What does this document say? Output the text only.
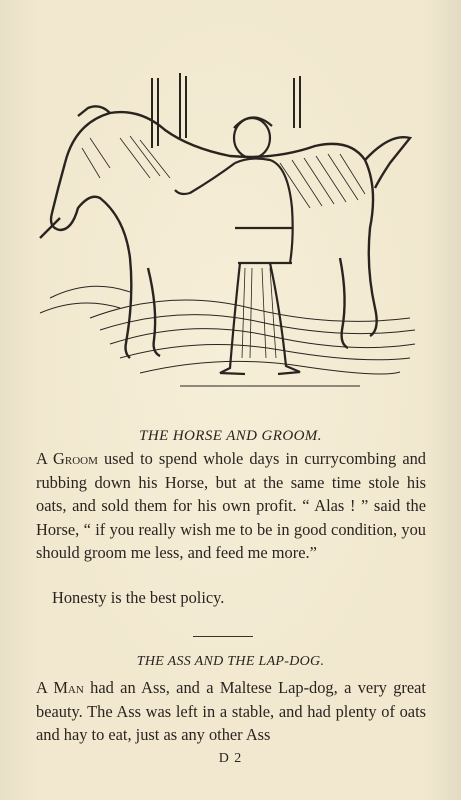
THE HORSE AND GROOM.
A Groom used to spend whole days in currycombing and rubbing down his Horse, but at the same time stole his oats, and sold them for his own profit. “ Alas ! ” said the Horse, “ if you really wish me to be in good condition, you should groom me less, and feed me more.”
Honesty is the best policy.
THE ASS AND THE LAP-DOG.
A Man had an Ass, and a Maltese Lap-dog, a very great beauty. The Ass was left in a stable, and had plenty of oats and hay to eat, just as any other Ass
D 2
